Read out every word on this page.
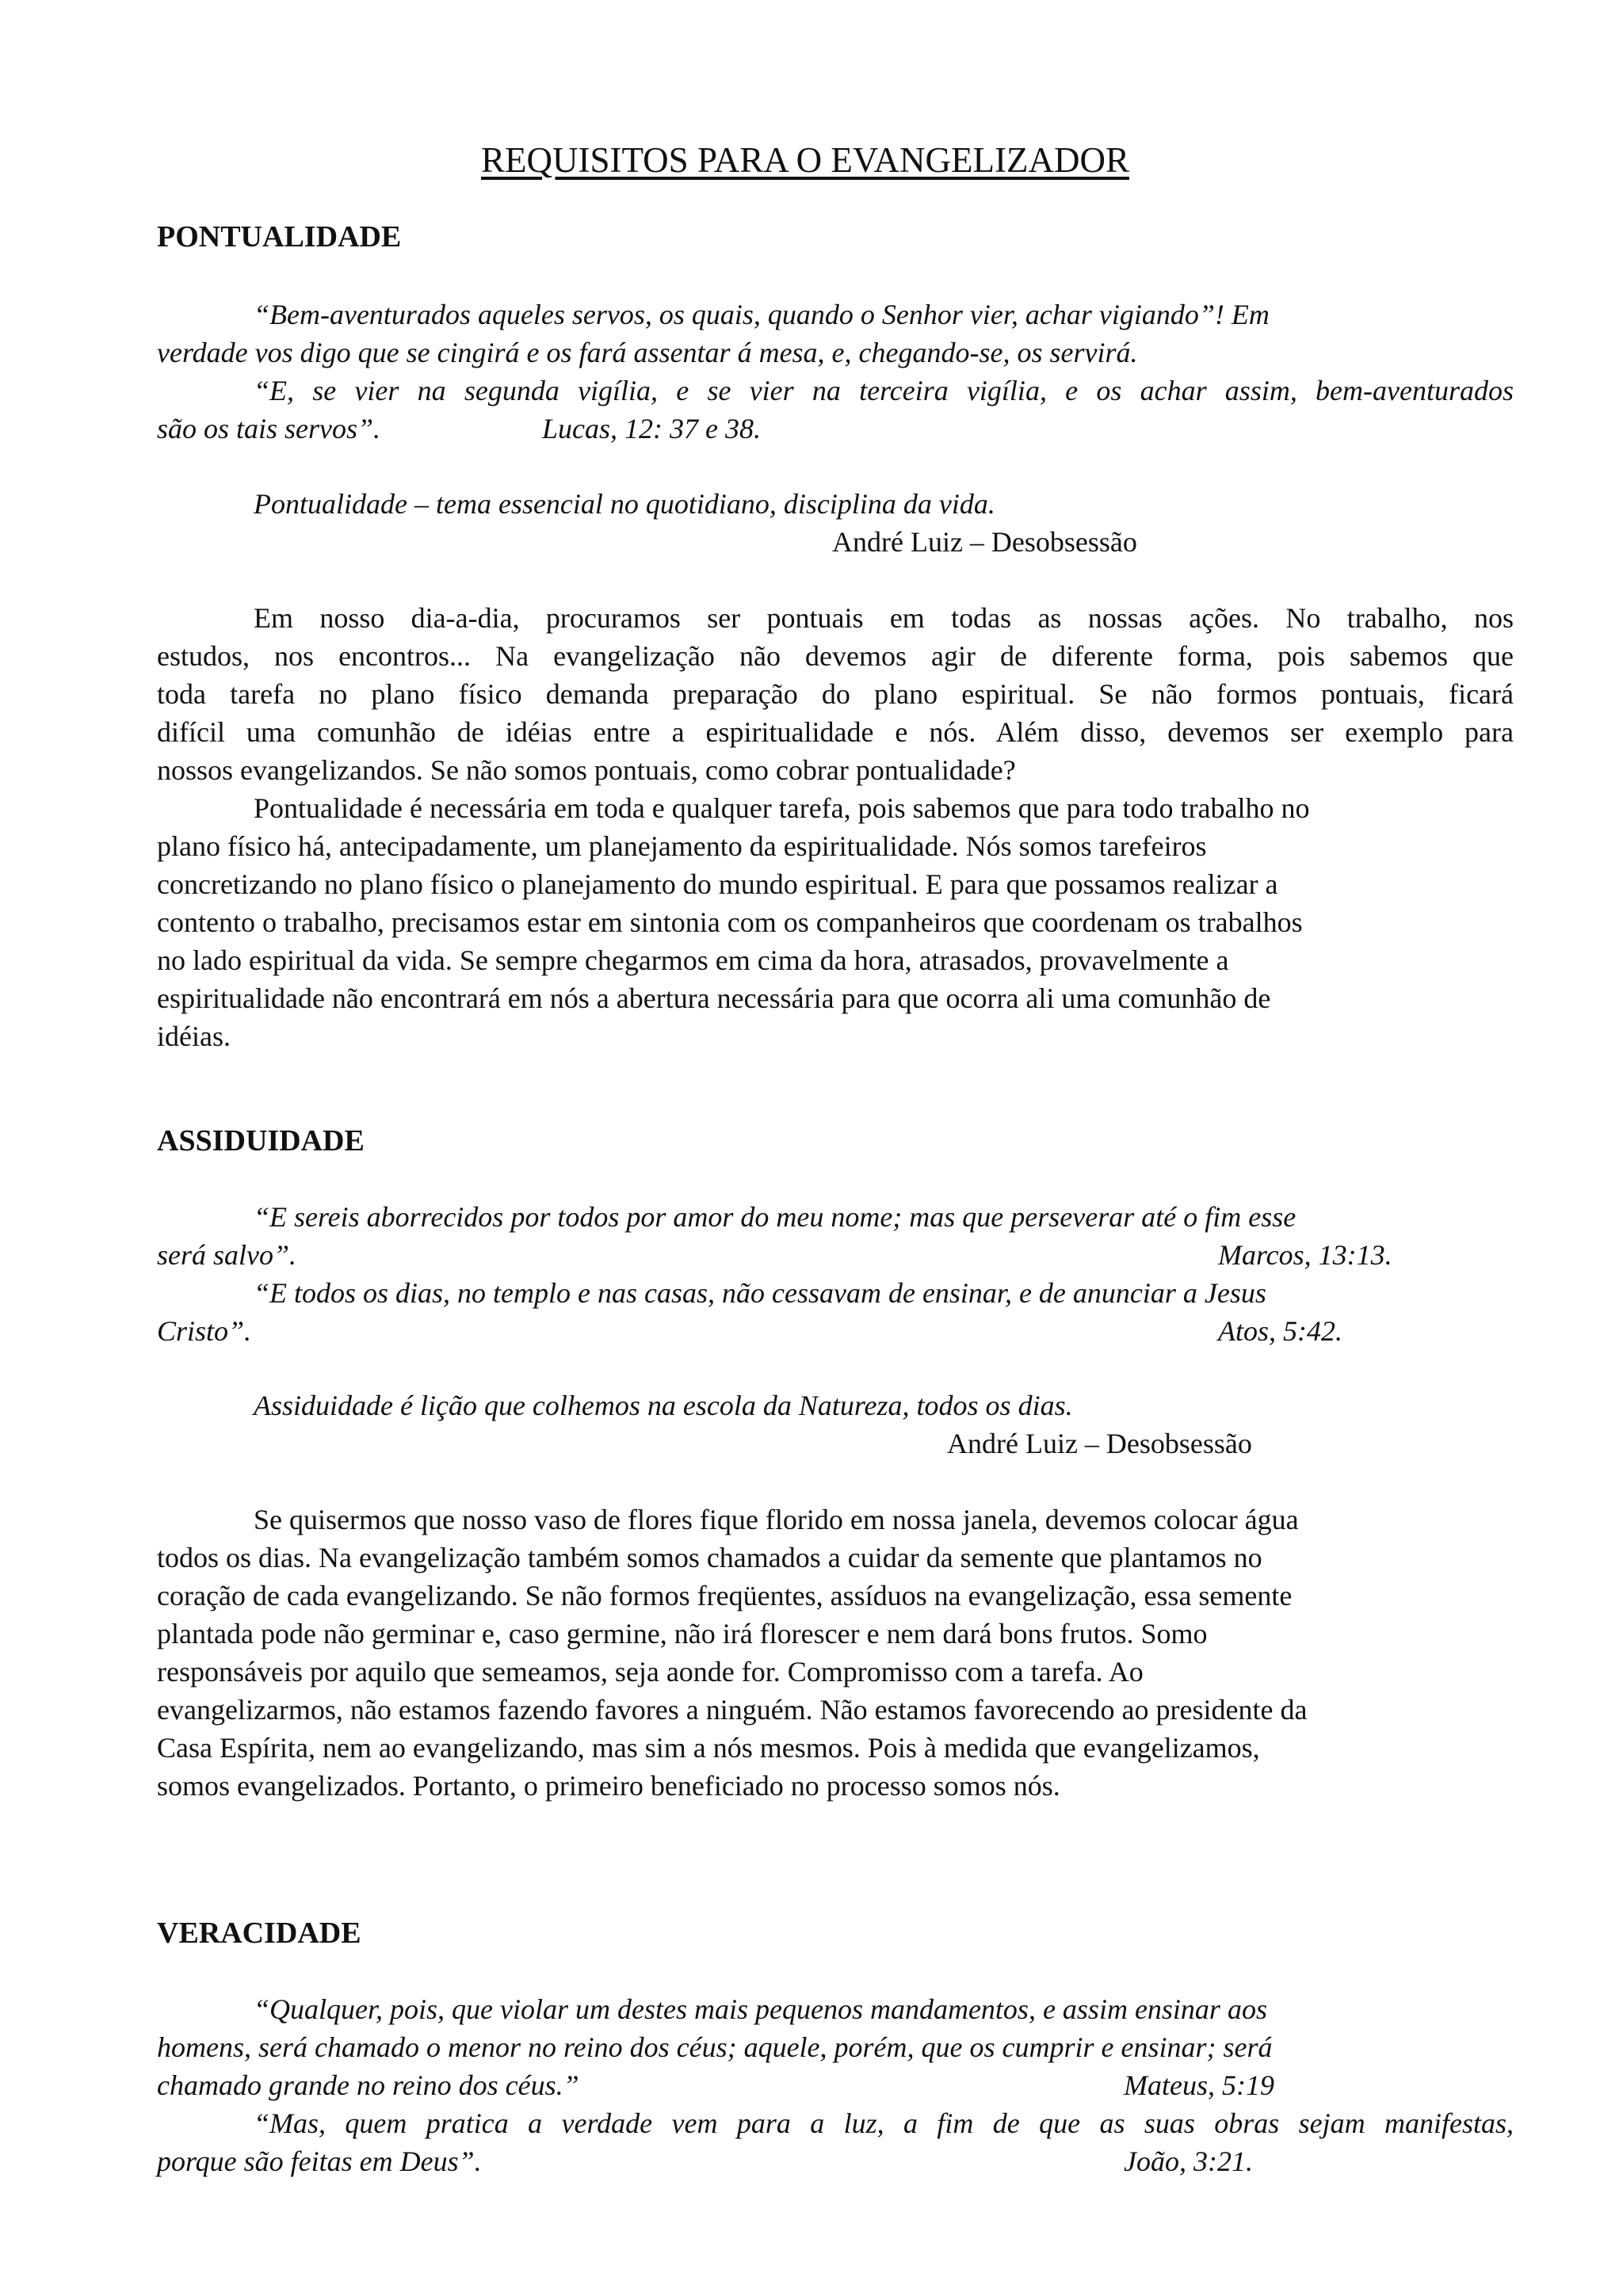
REQUISITOS PARA O EVANGELIZADOR
PONTUALIDADE
“Bem-aventurados aqueles servos, os quais, quando o Senhor vier, achar vigiando”! Em
verdade vos digo que se cingirá e os fará assentar á mesa, e, chegando-se, os servirá.
“E, se vier na segunda vigília, e se vier na terceira vigília, e os achar assim, bem-aventurados
são os tais servos”.	Lucas, 12: 37 e 38.
Pontualidade – tema essencial no quotidiano, disciplina da vida.
André Luiz – Desobsessão
Em nosso dia-a-dia, procuramos ser pontuais em todas as nossas ações. No trabalho, nos
estudos, nos encontros... Na evangelização não devemos agir de diferente forma, pois sabemos que
toda tarefa no plano físico demanda preparação do plano espiritual. Se não formos pontuais, ficará
difícil uma comunhão de idéias entre a espiritualidade e nós. Além disso, devemos ser exemplo para
nossos evangelizandos. Se não somos pontuais, como cobrar pontualidade?
Pontualidade é necessária em toda e qualquer tarefa, pois sabemos que para todo trabalho no
plano físico há, antecipadamente, um planejamento da espiritualidade. Nós somos tarefeiros
concretizando no plano físico o planejamento do mundo espiritual. E para que possamos realizar a
contento o trabalho, precisamos estar em sintonia com os companheiros que coordenam os trabalhos
no lado espiritual da vida. Se sempre chegarmos em cima da hora, atrasados, provavelmente a
espiritualidade não encontrará em nós a abertura necessária para que ocorra ali uma comunhão de
idéias.
ASSIDUIDADE
“E sereis aborrecidos por todos por amor do meu nome; mas que perseverar até o fim esse
será salvo”.	Marcos, 13:13.
“E todos os dias, no templo e nas casas, não cessavam de ensinar, e de anunciar a Jesus
Cristo”.	Atos, 5:42.
Assiduidade é lição que colhemos na escola da Natureza, todos os dias.
André Luiz – Desobsessão
Se quisermos que nosso vaso de flores fique florido em nossa janela, devemos colocar água
todos os dias. Na evangelização também somos chamados a cuidar da semente que plantamos no
coração de cada evangelizando. Se não formos freqüentes, assíduos na evangelização, essa semente
plantada pode não germinar e, caso germine, não irá florescer e nem dará bons frutos. Somo
responsáveis por aquilo que semeamos, seja aonde for. Compromisso com a tarefa. Ao
evangelizarmos, não estamos fazendo favores a ninguém. Não estamos favorecendo ao presidente da
Casa Espírita, nem ao evangelizando, mas sim a nós mesmos. Pois à medida que evangelizamos,
somos evangelizados. Portanto, o primeiro beneficiado no processo somos nós.
VERACIDADE
“Qualquer, pois, que violar um destes mais pequenos mandamentos, e assim ensinar aos
homens, será chamado o menor no reino dos céus; aquele, porém, que os cumprir e ensinar; será
chamado grande no reino dos céus.”	Mateus, 5:19
“Mas, quem pratica a verdade vem para a luz, a fim de que as suas obras sejam manifestas,
porque são feitas em Deus”.	João, 3:21.
